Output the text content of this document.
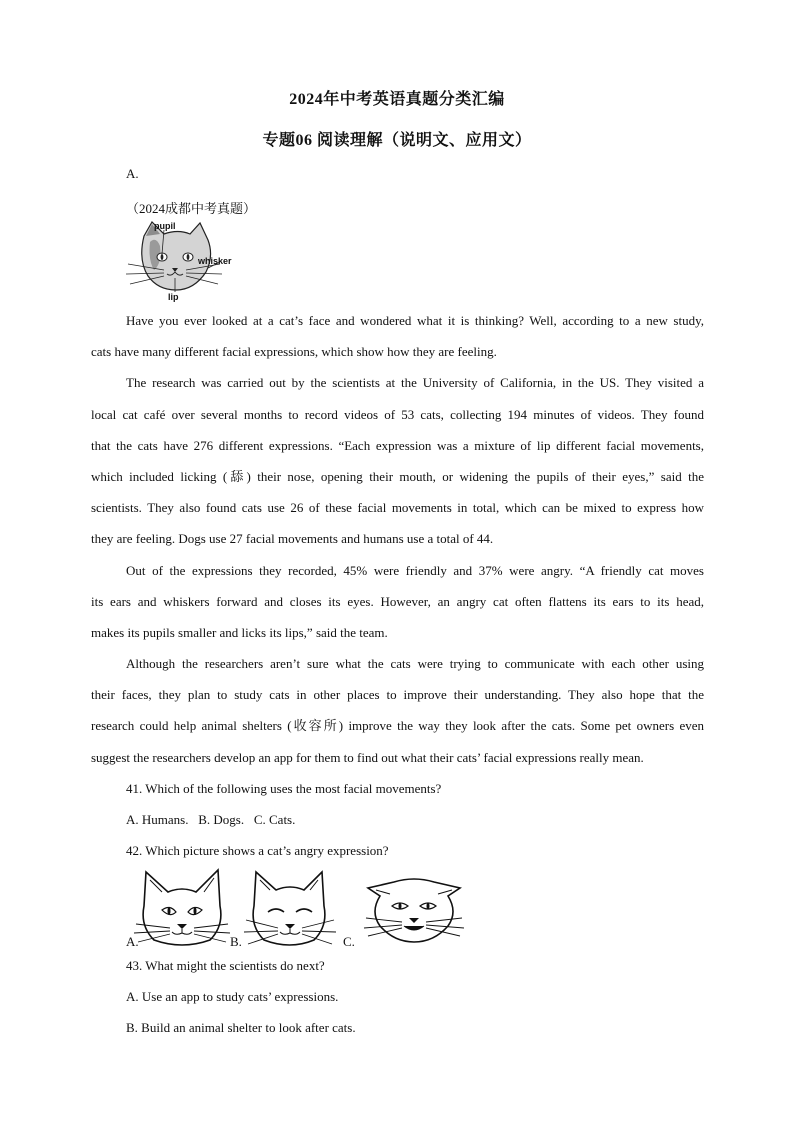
2024年中考英语真题分类汇编
专题06 阅读理解（说明文、应用文）
A.
（2024成都中考真题）
pupil
whisker
lip
Have you ever looked at a cat’s face and wondered what it is thinking? Well, according to a new study,
cats have many different facial expressions, which show how they are feeling.
The research was carried out by the scientists at the University of California, in the US. They visited a
local cat café over several months to record videos of 53 cats, collecting 194 minutes of videos. They found
that the cats have 276 different expressions. “Each expression was a mixture of lip different facial movements,
which included licking (舔) their nose, opening their mouth, or widening the pupils of their eyes,” said the
scientists. They also found cats use 26 of these facial movements in total, which can be mixed to express how
they are feeling. Dogs use 27 facial movements and humans use a total of 44.
Out of the expressions they recorded, 45% were friendly and 37% were angry. “A friendly cat moves
its ears and whiskers forward and closes its eyes. However, an angry cat often flattens its ears to its head,
makes its pupils smaller and licks its lips,” said the team.
Although the researchers aren’t sure what the cats were trying to communicate with each other using
their faces, they plan to study cats in other places to improve their understanding. They also hope that the
research could help animal shelters (收容所) improve the way they look after the cats. Some pet owners even
suggest the researchers develop an app for them to find out what their cats’ facial expressions really mean.
41. Which of the following uses the most facial movements?
A. Humans.   B. Dogs.   C. Cats.
42. Which picture shows a cat’s angry expression?
A.	B.	C.
43. What might the scientists do next?
A. Use an app to study cats’ expressions.
B. Build an animal shelter to look after cats.
